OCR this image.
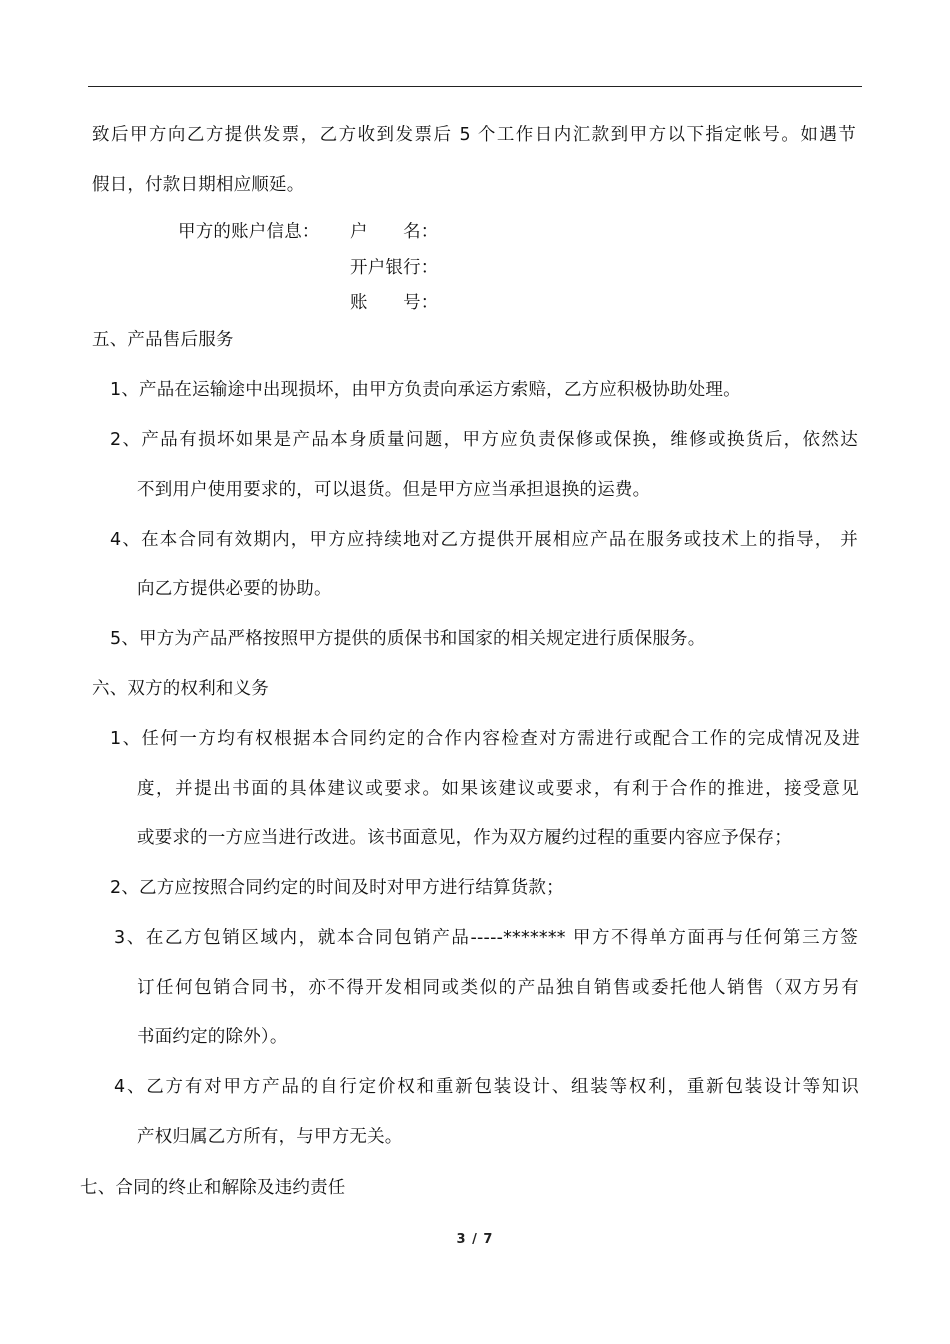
致后甲方向乙方提供发票，乙方收到发票后 5 个工作日内汇款到甲方以下指定帐号。如遇节
假日，付款日期相应顺延。
甲方的账户信息： 户　　名：
开户银行：
账　　号：
五、产品售后服务
1、产品在运输途中出现损坏，由甲方负责向承运方索赔，乙方应积极协助处理。
2、产品有损坏如果是产品本身质量问题，甲方应负责保修或保换，维修或换货后，依然达
不到用户使用要求的，可以退货。但是甲方应当承担退换的运费。
4、在本合同有效期内，甲方应持续地对乙方提供开展相应产品在服务或技术上的指导， 并
向乙方提供必要的协助。
5、甲方为产品严格按照甲方提供的质保书和国家的相关规定进行质保服务。
六、双方的权利和义务
1、任何一方均有权根据本合同约定的合作内容检查对方需进行或配合工作的完成情况及进
度，并提出书面的具体建议或要求。如果该建议或要求，有利于合作的推进，接受意见
或要求的一方应当进行改进。该书面意见，作为双方履约过程的重要内容应予保存；
2、乙方应按照合同约定的时间及时对甲方进行结算货款；
3、在乙方包销区域内，就本合同包销产品-----******* 甲方不得单方面再与任何第三方签
订任何包销合同书，亦不得开发相同或类似的产品独自销售或委托他人销售（双方另有
书面约定的除外）。
4、乙方有对甲方产品的自行定价权和重新包装设计、组装等权利，重新包装设计等知识
产权归属乙方所有，与甲方无关。
七、合同的终止和解除及违约责任
3 / 7
